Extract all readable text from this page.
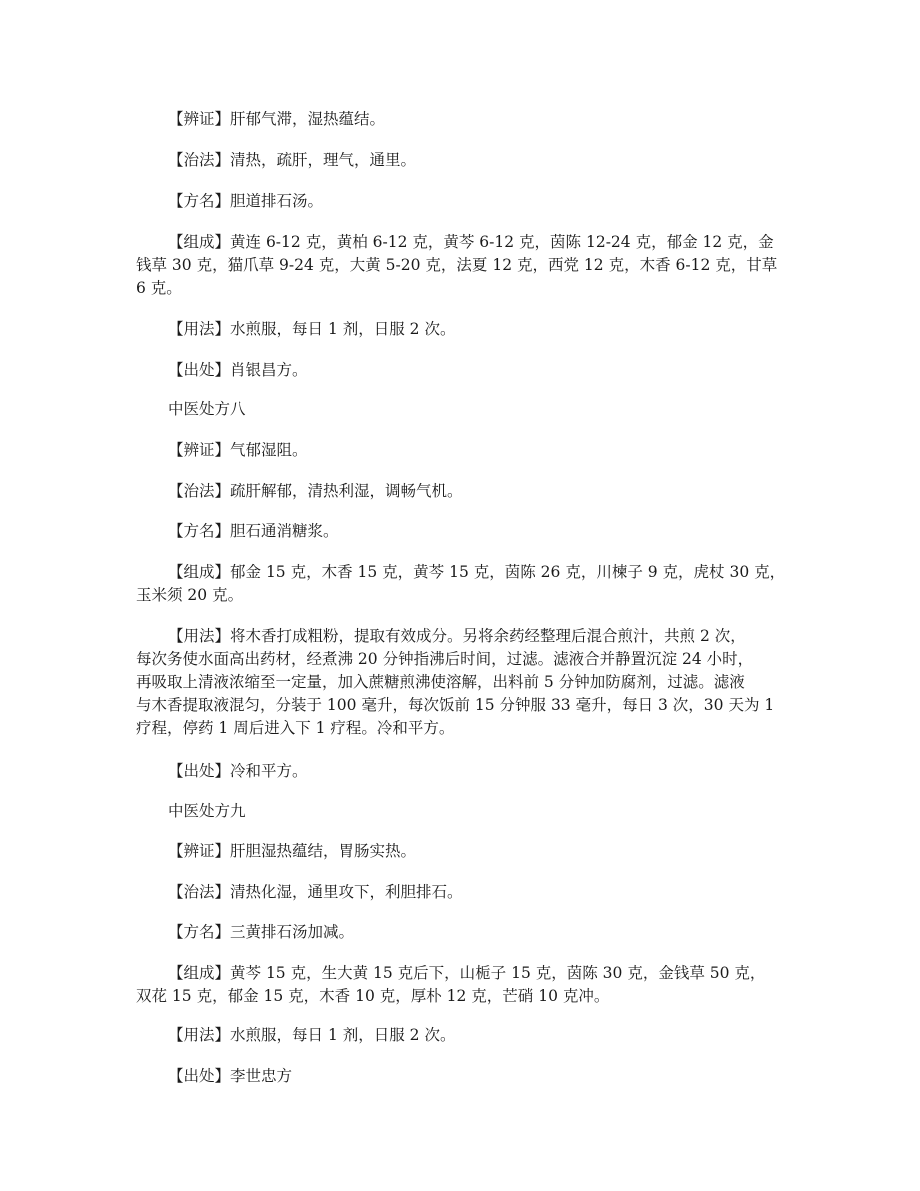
【辨证】肝郁气滞，湿热蕴结。
【治法】清热，疏肝，理气，通里。
【方名】胆道排石汤。
【组成】黄连 6-12 克，黄柏 6-12 克，黄芩 6-12 克，茵陈 12-24 克，郁金 12 克，金
钱草 30 克，猫爪草 9-24 克，大黄 5-20 克，法夏 12 克，西党 12 克，木香 6-12 克，甘草
6 克。
【用法】水煎服，每日 1 剂，日服 2 次。
【出处】肖银昌方。
中医处方八
【辨证】气郁湿阻。
【治法】疏肝解郁，清热利湿，调畅气机。
【方名】胆石通消糖浆。
【组成】郁金 15 克，木香 15 克，黄芩 15 克，茵陈 26 克，川楝子 9 克，虎杖 30 克，
玉米须 20 克。
【用法】将木香打成粗粉，提取有效成分。另将余药经整理后混合煎汁，共煎 2 次，
每次务使水面高出药材，经煮沸 20 分钟指沸后时间，过滤。滤液合并静置沉淀 24 小时，
再吸取上清液浓缩至一定量，加入蔗糖煎沸使溶解，出料前 5 分钟加防腐剂，过滤。滤液
与木香提取液混匀，分装于 100 毫升，每次饭前 15 分钟服 33 毫升，每日 3 次，30 天为 1
疗程，停药 1 周后进入下 1 疗程。冷和平方。
【出处】冷和平方。
中医处方九
【辨证】肝胆湿热蕴结，胃肠实热。
【治法】清热化湿，通里攻下，利胆排石。
【方名】三黄排石汤加减。
【组成】黄芩 15 克，生大黄 15 克后下，山栀子 15 克，茵陈 30 克，金钱草 50 克，
双花 15 克，郁金 15 克，木香 10 克，厚朴 12 克，芒硝 10 克冲。
【用法】水煎服，每日 1 剂，日服 2 次。
【出处】李世忠方
